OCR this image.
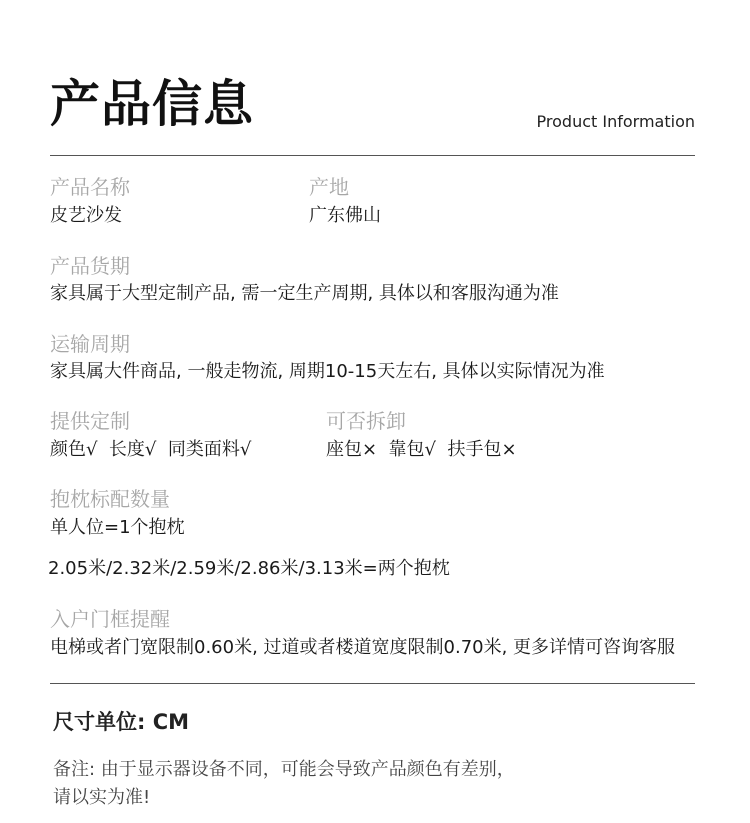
产品信息	Product Information
产品名称
皮艺沙发
产地
广东佛山
产品货期
家具属于大型定制产品, 需一定生产周期, 具体以和客服沟通为准
运输周期
家具属大件商品, 一般走物流, 周期10-15天左右, 具体以实际情况为准
提供定制
颜色√  长度√  同类面料√
可否拆卸
座包×  靠包√  扶手包×
抱枕标配数量
单人位=1个抱枕
2.05米/2.32米/2.59米/2.86米/3.13米=两个抱枕
入户门框提醒
电梯或者门宽限制0.60米, 过道或者楼道宽度限制0.70米, 更多详情可咨询客服
尺寸单位: CM
备注: 由于显示器设备不同，可能会导致产品颜色有差别，
请以实为准!
